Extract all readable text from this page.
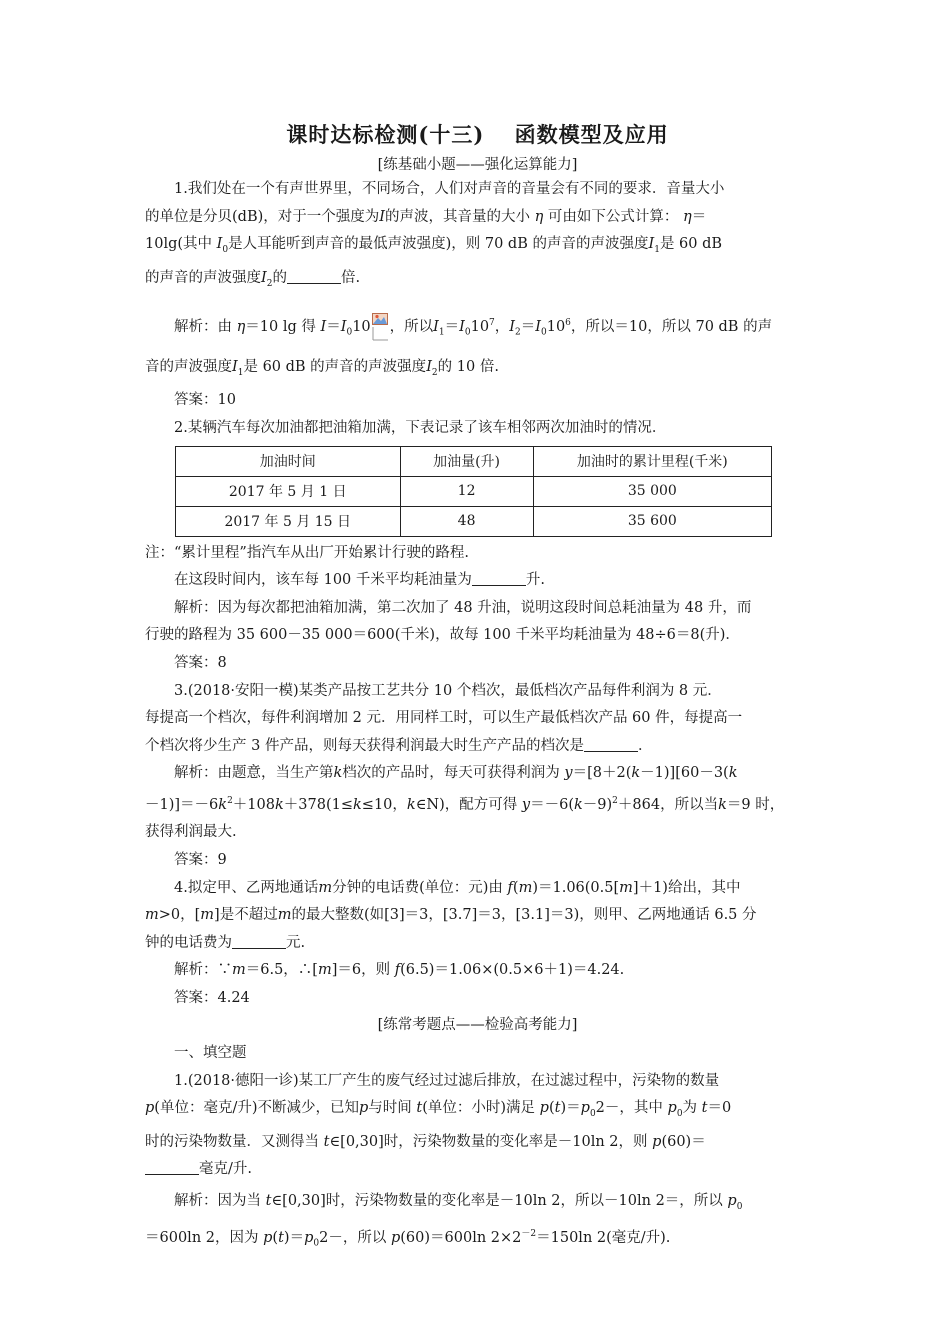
课时达标检测(十三)　 函数模型及应用
[练基础小题——强化运算能力]

1.我们处在一个有声世界里，不同场合，人们对声音的音量会有不同的要求．音量大小

的单位是分贝(dB)，对于一个强度为I的声波，其音量的大小 η 可由如下公式计算： η＝

10lg(其中 $I_0$是人耳能听到声音的最低声波强度)，则 70 dB 的声音的声波强度$I_1$是 60 dB

的声音的声波强度$I_2$的	倍.

解析：由 η＝10 lg 得 $I=I_010$ ，所以$I_1=I_010^7$，$I_2=I_010^6$，所以＝10，所以 70 dB 的声

音的声波强度$I_1$是 60 dB 的声音的声波强度$I_2$的 10 倍.

答案：10

2.某辆汽车每次加油都把油箱加满，下表记录了该车相邻两次加油时的情况．

加油时间	加油量(升)	加油时的累计里程(千米)
2017 年 5 月 1 日	12	35 000
2017 年 5 月 15 日	48	35 600

注：“累计里程”指汽车从出厂开始累计行驶的路程.

在这段时间内，该车每 100 千米平均耗油量为	升.

解析：因为每次都把油箱加满，第二次加了 48 升油，说明这段时间总耗油量为 48 升，而

行驶的路程为 35 600－35 000＝600(千米)，故每 100 千米平均耗油量为 48÷6＝8(升)．

答案：8

3.(2018·安阳一模)某类产品按工艺共分 10 个档次，最低档次产品每件利润为 8 元．

每提高一个档次，每件利润增加 2 元．用同样工时，可以生产最低档次产品 60 件，每提高一

个档次将少生产 3 件产品，则每天获得利润最大时生产产品的档次是	．

解析：由题意，当生产第k档次的产品时，每天可获得利润为 y＝[8＋2(k－1)][60－3(k

$-1)]=-6k^2+108k+378(1\le k\le 10$，k∈N)，配方可得 $y=-6(k-9)^2+864$，所以当k＝9 时，

获得利润最大.

答案：9

4.拟定甲、乙两地通话m分钟的电话费(单位：元)由 f(m)＝1.06(0.5[m]＋1)给出，其中

m>0，[m]是不超过m的最大整数(如[3]＝3，[3.7]＝3，[3.1]＝3)，则甲、乙两地通话 6.5 分

钟的电话费为	元.

解析：∵m＝6.5，∴[m]＝6，则 f(6.5)＝1.06×(0.5×6＋1)＝4.24.

答案：4.24

[练常考题点——检验高考能力]

一、填空题

1.(2018·德阳一诊)某工厂产生的废气经过过滤后排放，在过滤过程中，污染物的数量

p(单位：毫克/升)不断减少，已知p与时间 t(单位：小时)满足 $p(t)=p_02-$，其中 $p_0$为 t＝0

时的污染物数量．又测得当 t∈[0,30]时，污染物数量的变化率是－10ln 2，则 p(60)＝

毫克/升.

解析：因为当 t∈[0,30]时，污染物数量的变化率是－10ln 2，所以－10ln 2＝，所以 $p_0$

＝600ln 2，因为 $p(t)=p_02-$，所以 p(60)＝600ln $2\times 2^{-2}=150\ln$ 2(毫克/升).
